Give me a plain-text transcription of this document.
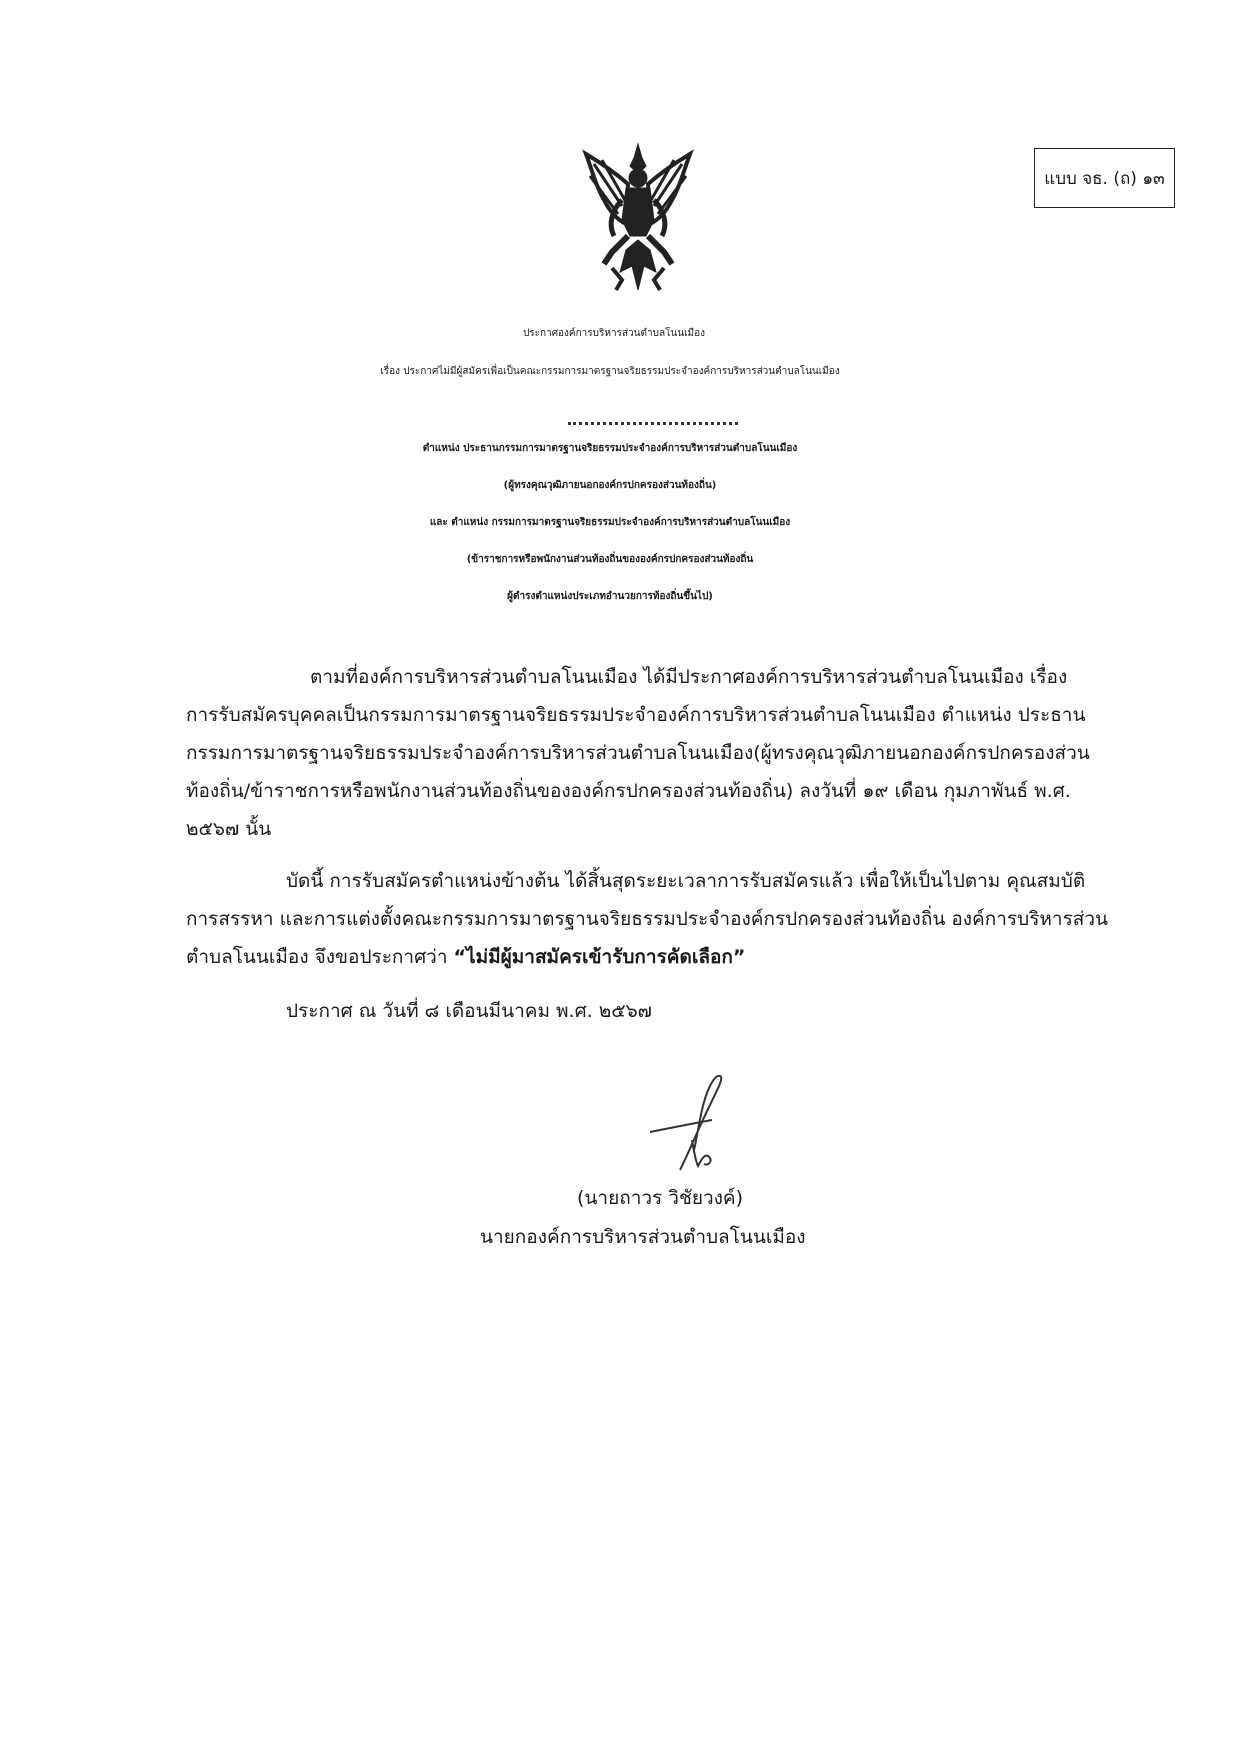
แบบ จธ. (ถ) ๑๓
ประกาศองค์การบริหารส่วนตำบลโนนเมือง
เรื่อง ประกาศไม่มีผู้สมัครเพื่อเป็นคณะกรรมการมาตรฐานจริยธรรมประจำองค์การบริหารส่วนตำบลโนนเมือง
ตำแหน่ง ประธานกรรมการมาตรฐานจริยธรรมประจำองค์การบริหารส่วนตำบลโนนเมือง
(ผู้ทรงคุณวุฒิภายนอกองค์กรปกครองส่วนท้องถิ่น)
และ ตำแหน่ง กรรมการมาตรฐานจริยธรรมประจำองค์การบริหารส่วนตำบลโนนเมือง
(ข้าราชการหรือพนักงานส่วนท้องถิ่นขององค์กรปกครองส่วนท้องถิ่น
ผู้ดำรงตำแหน่งประเภทอำนวยการท้องถิ่นขึ้นไป)
ตามที่องค์การบริหารส่วนตำบลโนนเมือง ได้มีประกาศองค์การบริหารส่วนตำบลโนนเมือง เรื่อง
การรับสมัครบุคคลเป็นกรรมการมาตรฐานจริยธรรมประจำองค์การบริหารส่วนตำบลโนนเมือง ตำแหน่ง ประธาน
กรรมการมาตรฐานจริยธรรมประจำองค์การบริหารส่วนตำบลโนนเมือง(ผู้ทรงคุณวุฒิภายนอกองค์กรปกครองส่วน
ท้องถิ่น/ข้าราชการหรือพนักงานส่วนท้องถิ่นขององค์กรปกครองส่วนท้องถิ่น) ลงวันที่ ๑๙ เดือน กุมภาพันธ์ พ.ศ.
๒๕๖๗ นั้น
บัดนี้ การรับสมัครตำแหน่งข้างต้น ได้สิ้นสุดระยะเวลาการรับสมัครแล้ว เพื่อให้เป็นไปตาม คุณสมบัติ
การสรรหา และการแต่งตั้งคณะกรรมการมาตรฐานจริยธรรมประจำองค์กรปกครองส่วนท้องถิ่น องค์การบริหารส่วน
ตำบลโนนเมือง จึงขอประกาศว่า “ไม่มีผู้มาสมัครเข้ารับการคัดเลือก”
ประกาศ ณ วันที่ ๘ เดือนมีนาคม พ.ศ. ๒๕๖๗
(นายถาวร วิชัยวงค์)
นายกองค์การบริหารส่วนตำบลโนนเมือง
